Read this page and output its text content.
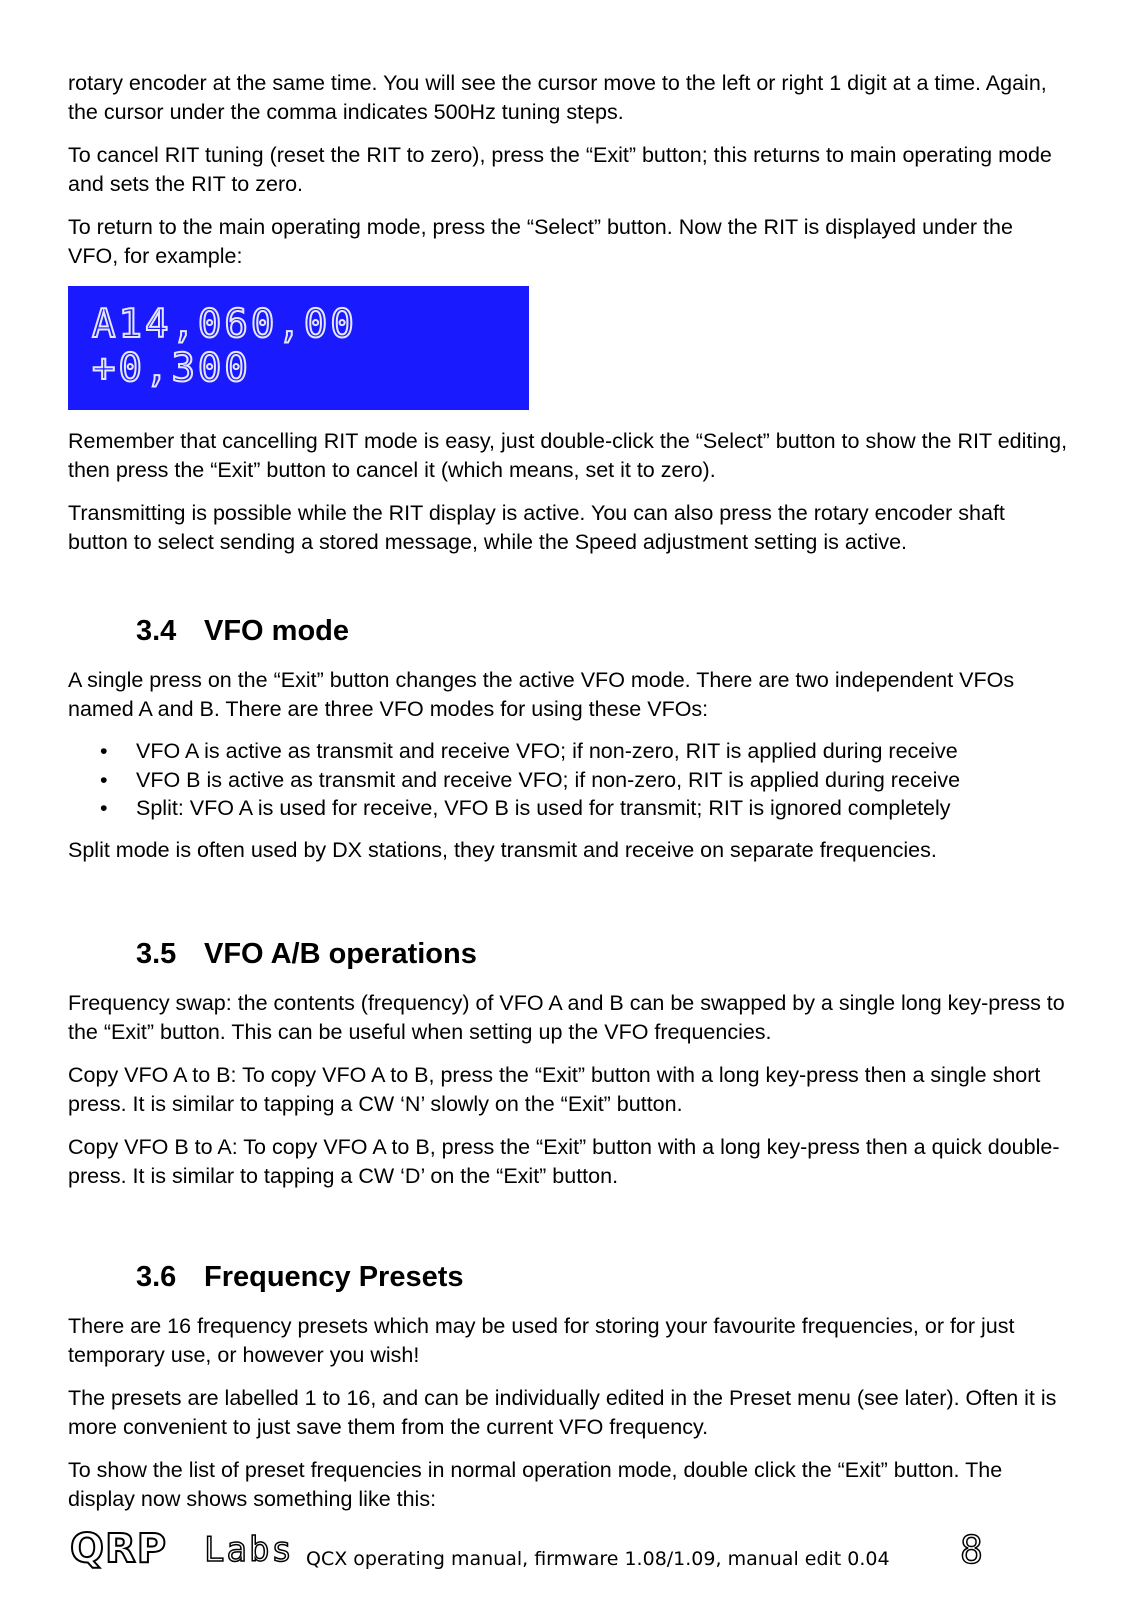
rotary encoder at the same time. You will see the cursor move to the left or right 1 digit at a time. Again, the cursor under the comma indicates 500Hz tuning steps.

To cancel RIT tuning (reset the RIT to zero), press the “Exit” button; this returns to main operating mode and sets the RIT to zero.

To return to the main operating mode, press the “Select” button. Now the RIT is displayed under the VFO, for example:

A14,060,00
+0,300

Remember that cancelling RIT mode is easy, just double-click the “Select” button to show the RIT editing, then press the “Exit” button to cancel it (which means, set it to zero).

Transmitting is possible while the RIT display is active. You can also press the rotary encoder shaft button to select sending a stored message, while the Speed adjustment setting is active.

3.4 VFO mode

A single press on the “Exit” button changes the active VFO mode. There are two independent VFOs named A and B. There are three VFO modes for using these VFOs:

• VFO A is active as transmit and receive VFO; if non-zero, RIT is applied during receive
• VFO B is active as transmit and receive VFO; if non-zero, RIT is applied during receive
• Split: VFO A is used for receive, VFO B is used for transmit; RIT is ignored completely

Split mode is often used by DX stations, they transmit and receive on separate frequencies.

3.5 VFO A/B operations

Frequency swap: the contents (frequency) of VFO A and B can be swapped by a single long key-press to the “Exit” button. This can be useful when setting up the VFO frequencies.

Copy VFO A to B: To copy VFO A to B, press the “Exit” button with a long key-press then a single short press. It is similar to tapping a CW ‘N’ slowly on the “Exit” button.

Copy VFO B to A: To copy VFO A to B, press the “Exit” button with a long key-press then a quick double-press. It is similar to tapping a CW ‘D’ on the “Exit” button.

3.6 Frequency Presets

There are 16 frequency presets which may be used for storing your favourite frequencies, or for just temporary use, or however you wish!

The presets are labelled 1 to 16, and can be individually edited in the Preset menu (see later). Often it is more convenient to just save them from the current VFO frequency.

To show the list of preset frequencies in normal operation mode, double click the “Exit” button. The display now shows something like this:

QRP Labs QCX operating manual, firmware 1.08/1.09, manual edit 0.04 8
